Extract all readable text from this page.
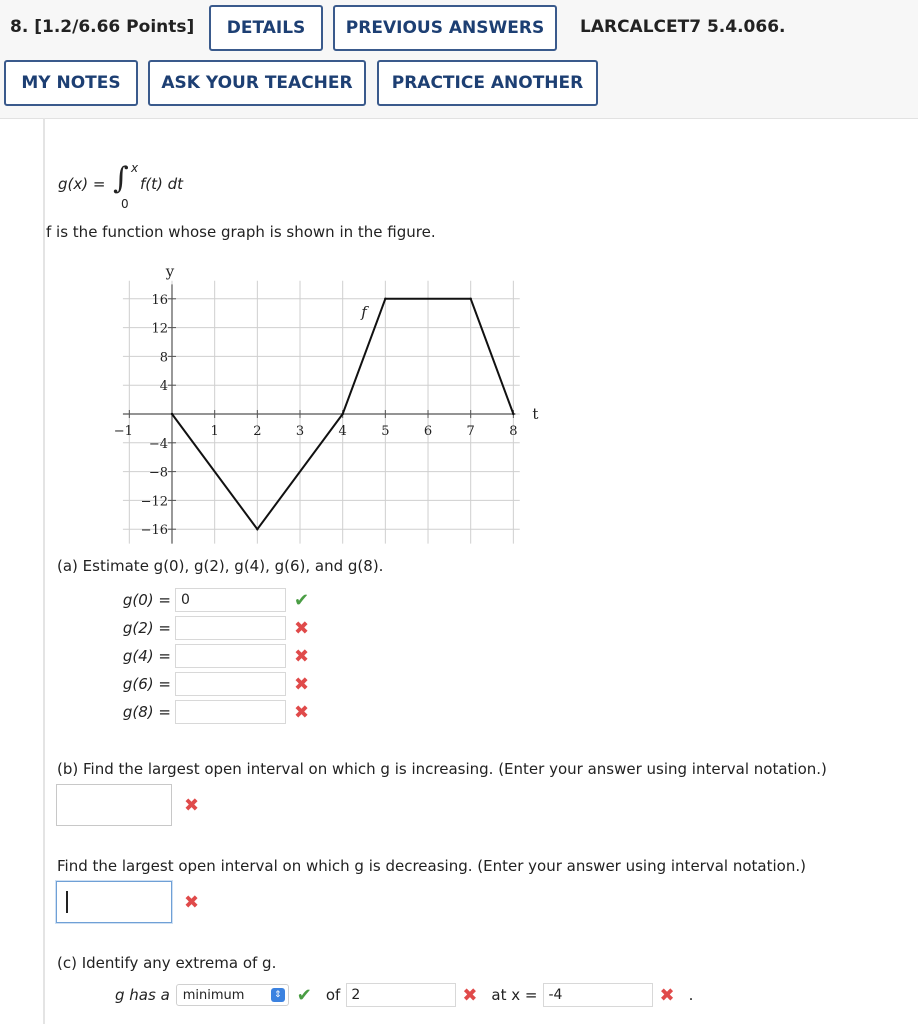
8. [1.2/6.66 Points]	DETAILS	PREVIOUS ANSWERS	LARCALCET7 5.4.066.
MY NOTES	ASK YOUR TEACHER	PRACTICE ANOTHER
g(x) = ∫ x
0
f(t) dt
f is the function whose graph is shown in the figure.
16
12
8
4
−4
−8
−12
−16
−1	1	2	3	4	5	6	7	8
y
t
f
(a) Estimate g(0), g(2), g(4), g(6), and g(8).
g(0) = 0	✔
g(2) =	✖
g(4) =	✖
g(6) =	✖
g(8) =	✖
(b) Find the largest open interval on which g is increasing. (Enter your answer using interval notation.)
✖
Find the largest open interval on which g is decreasing. (Enter your answer using interval notation.)
✖
(c) Identify any extrema of g.
g has a minimum	⇕ ✔ of 2	✖ at x = -4	✖ .
